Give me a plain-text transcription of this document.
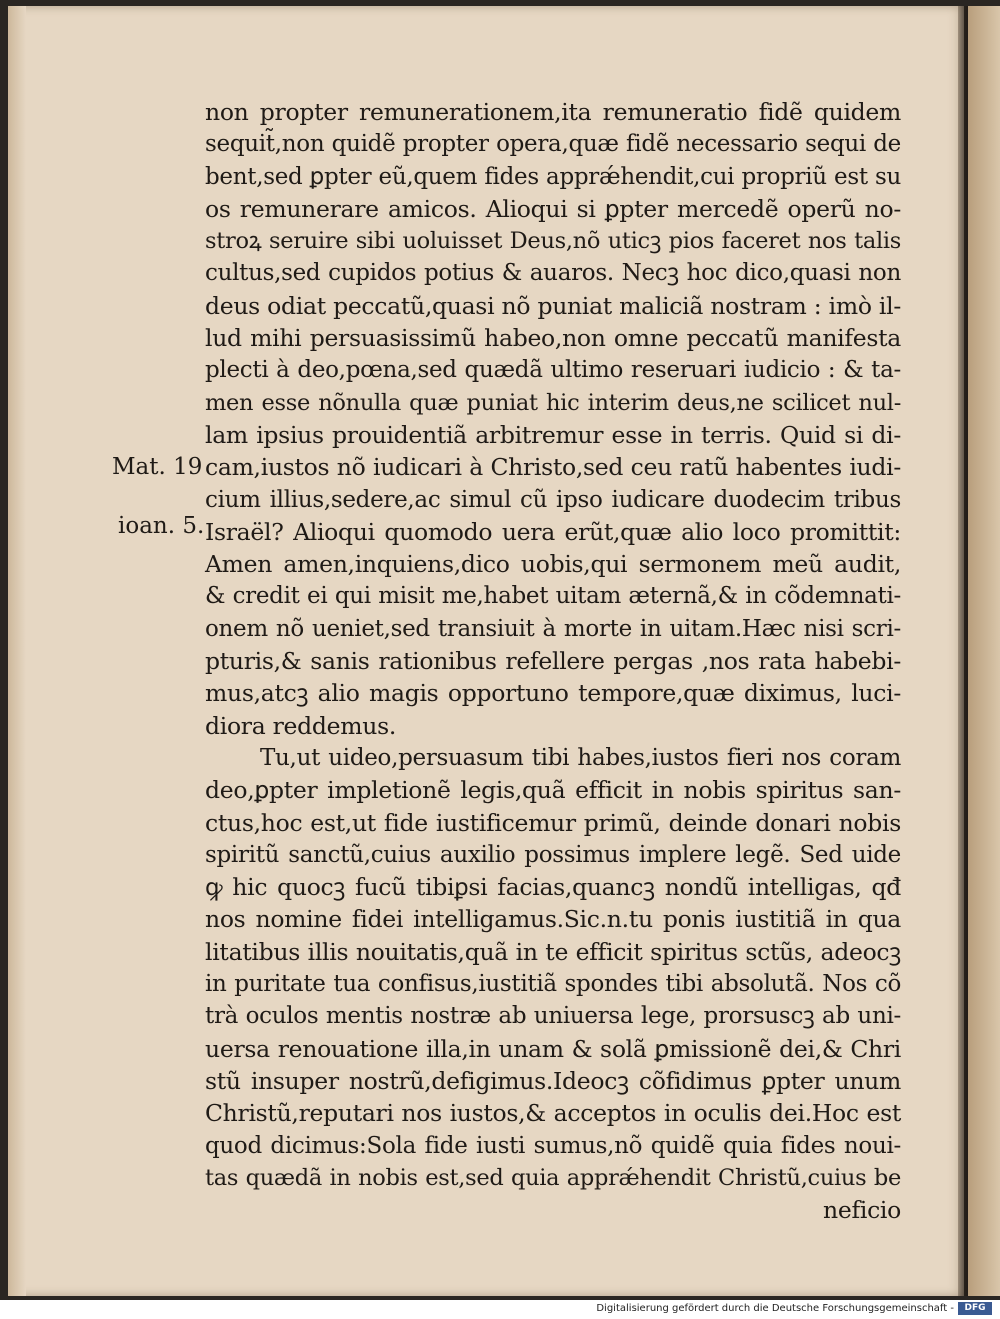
non propter remunerationem,ita remuneratio fidẽ quidem
sequit̃,non quidẽ propter opera,quæ fidẽ necessario sequi de
bent,sed ꝑpter eũ,quem fides apprǽhendit,cui propriũ est su
os remunerare amicos. Alioqui si ꝑpter mercedẽ operũ no-
stroꝝ seruire sibi uoluisset Deus,nõ uticꝫ pios faceret nos talis
cultus,sed cupidos potius & auaros. Necꝫ hoc dico,quasi non
deus odiat peccatũ,quasi nõ puniat maliciã nostram : imò il-
lud mihi persuasissimũ habeo,non omne peccatũ manifesta
plecti à deo,pœna,sed quædã ultimo reseruari iudicio : & ta-
men esse nõnulla quæ puniat hic interim deus,ne scilicet nul-
lam ipsius prouidentiã arbitremur esse in terris. Quid si di-
cam,iustos nõ iudicari à Christo,sed ceu ratũ habentes iudi-
cium illius,sedere,ac simul cũ ipso iudicare duodecim tribus
Israël? Alioqui quomodo uera erũt,quæ alio loco promittit:
Amen amen,inquiens,dico uobis,qui sermonem meũ audit,
& credit ei qui misit me,habet uitam æternã,& in cõdemnati-
onem nõ ueniet,sed transiuit à morte in uitam.Hæc nisi scri-
pturis,& sanis rationibus refellere pergas ,nos rata habebi-
mus,atcꝫ alio magis opportuno tempore,quæ diximus, luci-
diora reddemus.
Tu,ut uideo,persuasum tibi habes,iustos fieri nos coram
deo,ꝑpter impletionẽ legis,quã efficit in nobis spiritus san-
ctus,hoc est,ut fide iustificemur primũ, deinde donari nobis
spiritũ sanctũ,cuius auxilio possimus implere legẽ. Sed uide
ꝙ hic quocꝫ fucũ tibiꝑsi facias,quancꝫ nondũ intelligas, qđ
nos nomine fidei intelligamus.Sic.n.tu ponis iustitiã in qua
litatibus illis nouitatis,quã in te efficit spiritus sctũs, adeocꝫ
in puritate tua confisus,iustitiã spondes tibi absolutã. Nos cõ
trà oculos mentis nostræ ab uniuersa lege, prorsuscꝫ ab uni-
uersa renouatione illa,in unam & solã ꝑmissionẽ dei,& Chri
stũ insuper nostrũ,defigimus.Ideocꝫ cõfidimus ꝑpter unum
Christũ,reputari nos iustos,& acceptos in oculis dei.Hoc est
quod dicimus:Sola fide iusti sumus,nõ quidẽ quia fides noui-
tas quædã in nobis est,sed quia apprǽhendit Christũ,cuius be
neficio
Mat. 19
ioan. 5.
Digitalisierung gefördert durch die Deutsche Forschungsgemeinschaft -	DFG
